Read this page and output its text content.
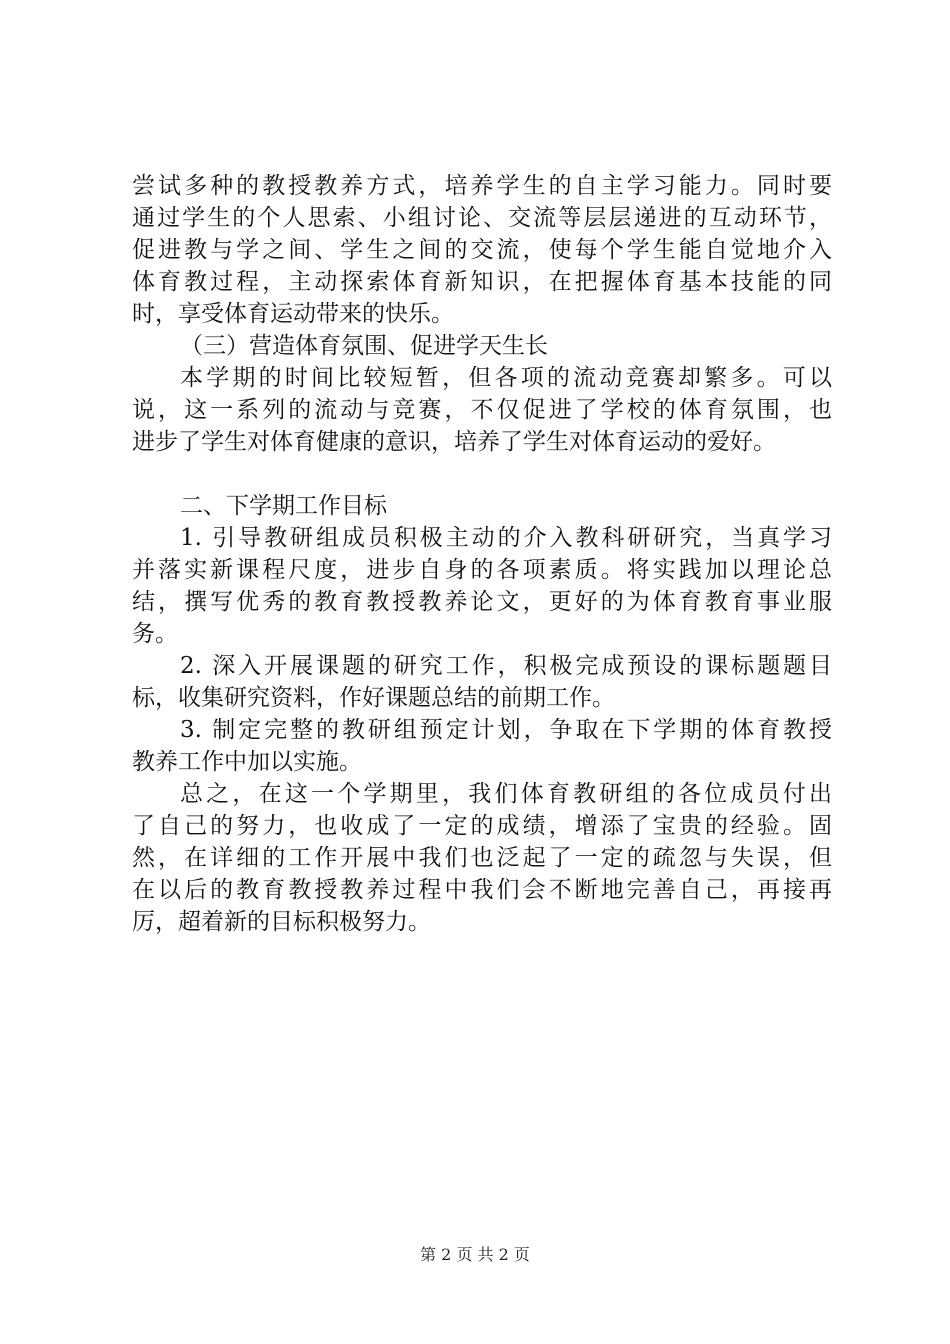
尝试多种的教授教养方式，培养学生的自主学习能力。同时要
通过学生的个人思索、小组讨论、交流等层层递进的互动环节，
促进教与学之间、学生之间的交流，使每个学生能自觉地介入
体育教过程，主动探索体育新知识，在把握体育基本技能的同
时，享受体育运动带来的快乐。
（三）营造体育氛围、促进学天生长
本学期的时间比较短暂，但各项的流动竞赛却繁多。可以
说，这一系列的流动与竞赛，不仅促进了学校的体育氛围，也
进步了学生对体育健康的意识，培养了学生对体育运动的爱好。
二、下学期工作目标
1. 引导教研组成员积极主动的介入教科研研究，当真学习
并落实新课程尺度，进步自身的各项素质。将实践加以理论总
结，撰写优秀的教育教授教养论文，更好的为体育教育事业服
务。
2. 深入开展课题的研究工作，积极完成预设的课标题题目
标，收集研究资料，作好课题总结的前期工作。
3. 制定完整的教研组预定计划，争取在下学期的体育教授
教养工作中加以实施。
总之，在这一个学期里，我们体育教研组的各位成员付出
了自己的努力，也收成了一定的成绩，增添了宝贵的经验。固
然，在详细的工作开展中我们也泛起了一定的疏忽与失误，但
在以后的教育教授教养过程中我们会不断地完善自己，再接再
厉，超着新的目标积极努力。
第 2 页 共 2 页
